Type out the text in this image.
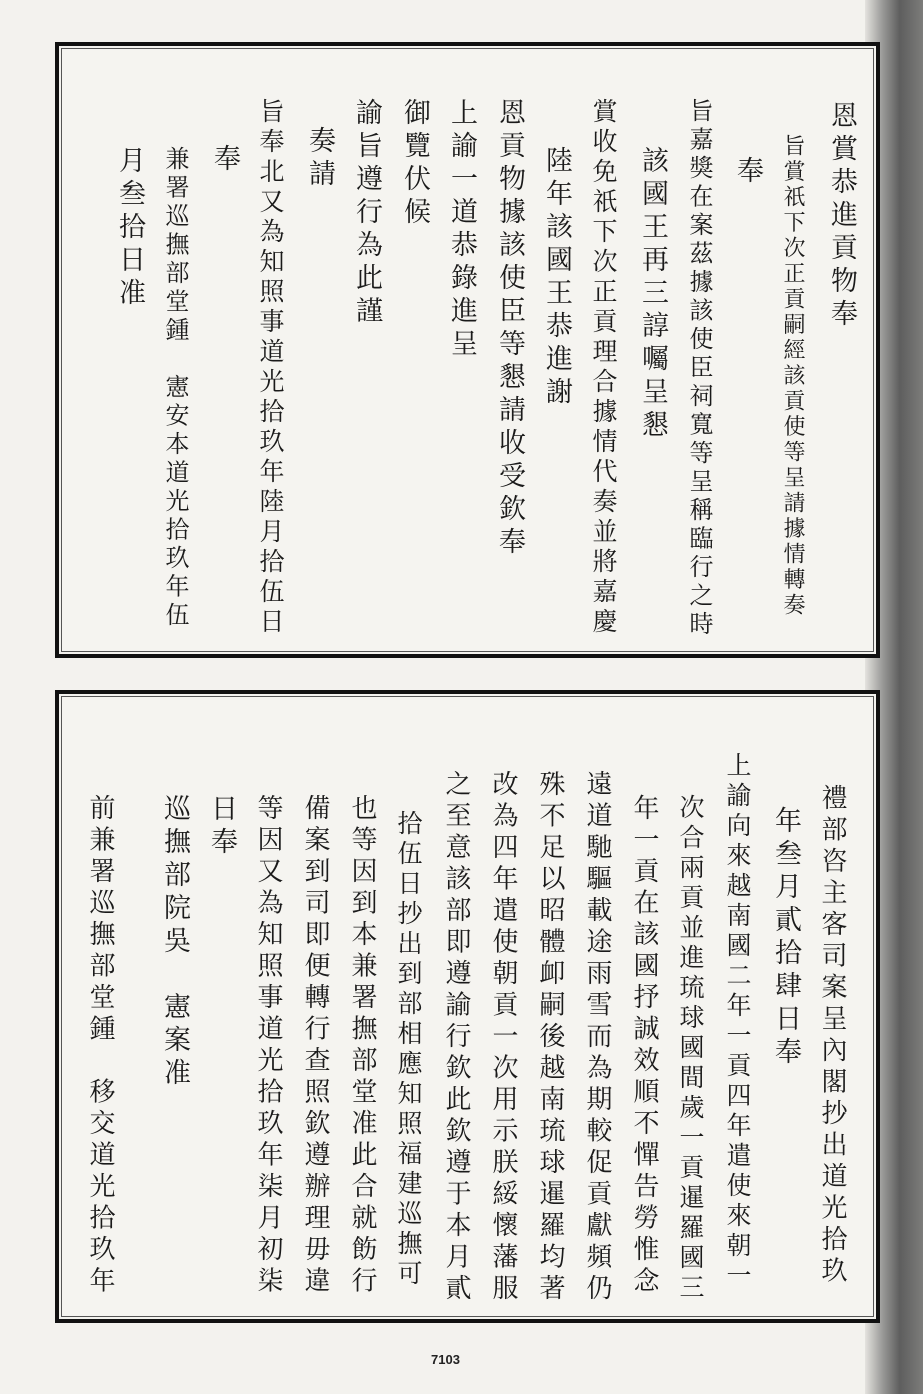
恩賞恭進貢物奉
旨賞祇下次正貢嗣經該貢使等呈請據情轉奏
奉
旨嘉獎在案茲據該使臣祠寬等呈稱臨行之時
該國王再三諄囑呈懇
賞收免祇下次正貢理合據情代奏並將嘉慶
陸年該國王恭進謝
恩貢物據該使臣等懇請收受欽奉
上諭一道恭錄進呈
御覽伏候
諭旨遵行為此謹
奏請
旨奉北又為知照事道光拾玖年陸月拾伍日
奉
兼署巡撫部堂鍾　憲安本道光拾玖年伍
月叁拾日准
禮部咨主客司案呈內閣抄出道光拾玖
年叁月貳拾肆日奉
上諭向來越南國二年一貢四年遣使來朝一
次合兩貢並進琉球國間歲一貢暹羅國三
年一貢在該國抒誠效順不憚告勞惟念
遠道馳驅載途雨雪而為期較促貢獻頻仍
殊不足以昭體卹嗣後越南琉球暹羅均著
改為四年遣使朝貢一次用示朕綏懷藩服
之至意該部即遵諭行欽此欽遵于本月貳
拾伍日抄出到部相應知照福建巡撫可
也等因到本兼署撫部堂准此合就飭行
備案到司即便轉行查照欽遵辦理毋違
等因又為知照事道光拾玖年柒月初柒
日奉
巡撫部院吳　憲案准
前兼署巡撫部堂鍾　移交道光拾玖年
7103
